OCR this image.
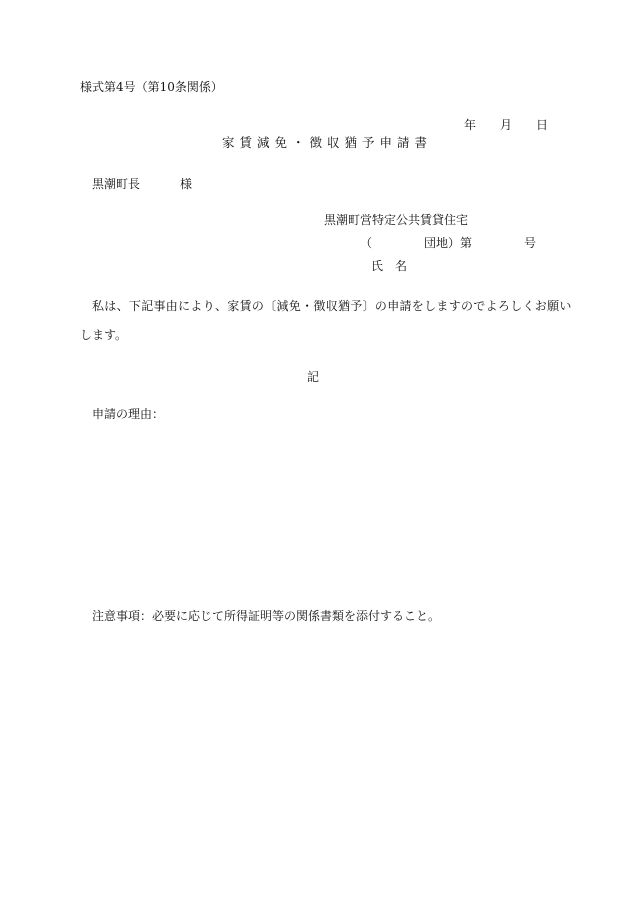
様式第4号（第10条関係）
年 月 日
家賃減免・徴収猶予申請書
黒潮町長	様
黒潮町営特定公共賃貸住宅
（	団地）第	号
氏　名
私は、下記事由により、家賃の〔減免・徴収猶予〕の申請をしますのでよろしくお願い
します。
記
申請の理由：
注意事項：必要に応じて所得証明等の関係書類を添付すること。
